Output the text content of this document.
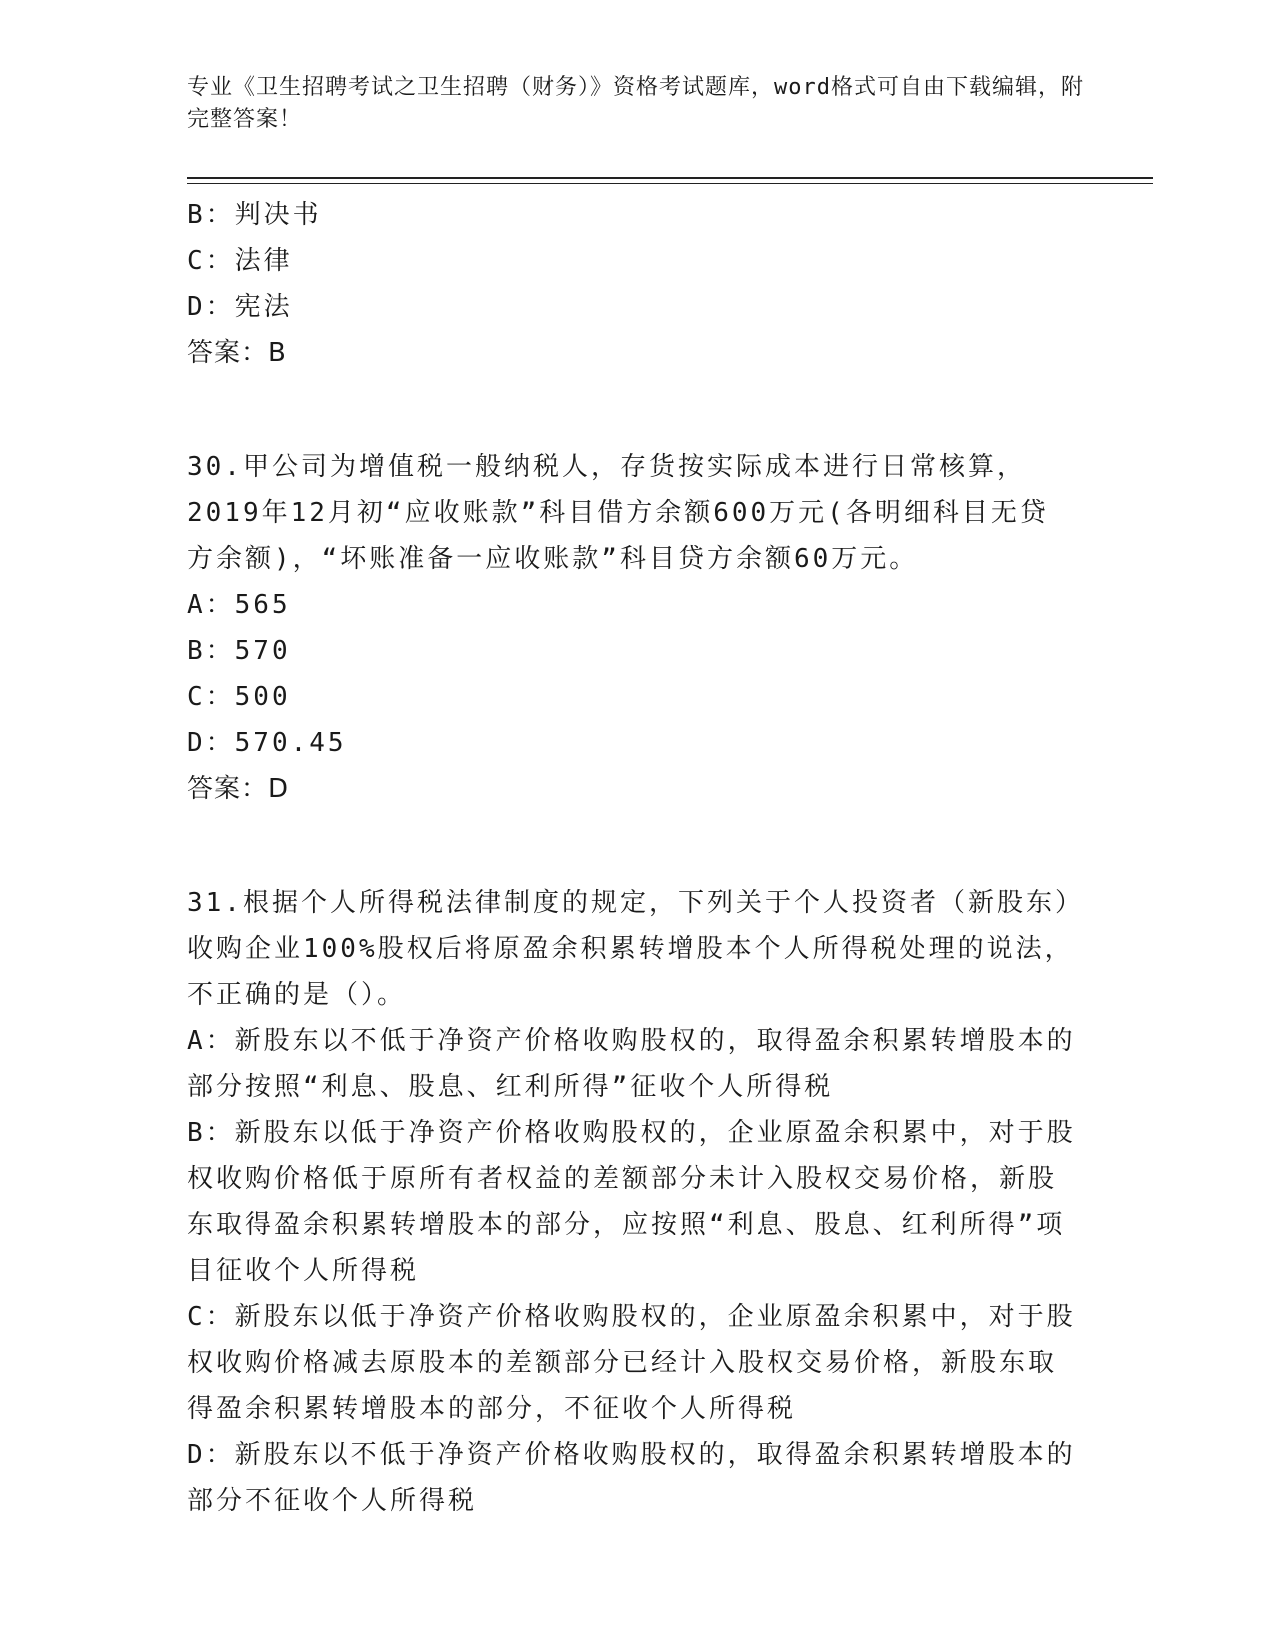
专业《卫生招聘考试之卫生招聘（财务）》资格考试题库，word格式可自由下载编辑，附完整答案！
B：判决书
C：法律
D：宪法
答案：B
30.甲公司为增值税一般纳税人，存货按实际成本进行日常核算，2019年12月初“应收账款”科目借方余额600万元(各明细科目无贷方余额)，“坏账准备一应收账款”科目贷方余额60万元。
A：565
B：570
C：500
D：570.45
答案：D
31.根据个人所得税法律制度的规定，下列关于个人投资者（新股东）收购企业100%股权后将原盈余积累转增股本个人所得税处理的说法，不正确的是（）。
A：新股东以不低于净资产价格收购股权的，取得盈余积累转增股本的部分按照“利息、股息、红利所得”征收个人所得税
B：新股东以低于净资产价格收购股权的，企业原盈余积累中，对于股权收购价格低于原所有者权益的差额部分未计入股权交易价格，新股东取得盈余积累转增股本的部分，应按照“利息、股息、红利所得”项目征收个人所得税
C：新股东以低于净资产价格收购股权的，企业原盈余积累中，对于股权收购价格减去原股本的差额部分已经计入股权交易价格，新股东取得盈余积累转增股本的部分，不征收个人所得税
D：新股东以不低于净资产价格收购股权的，取得盈余积累转增股本的部分不征收个人所得税
